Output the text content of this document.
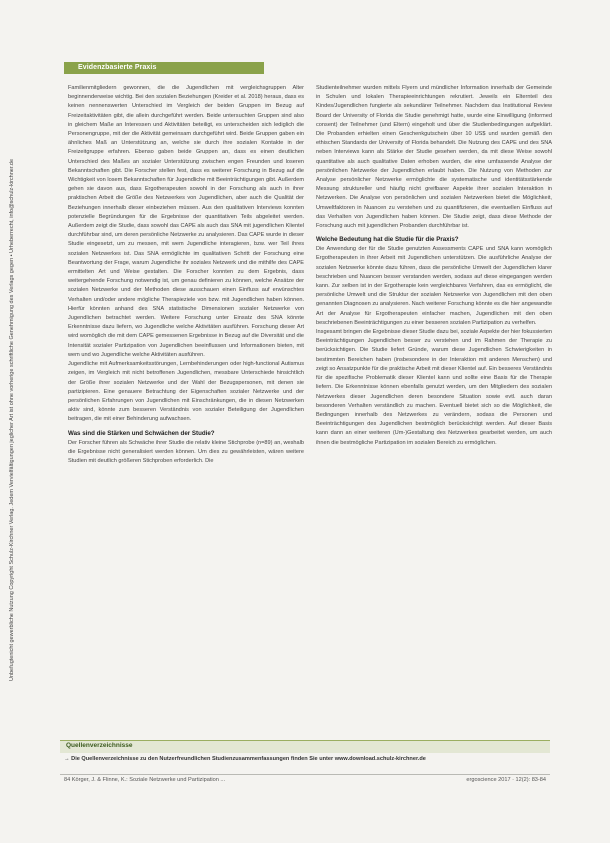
Evidenzbasierte Praxis
Unbefugtenicht gewerbliche Nutzung Copyright Schulz-Kirchner Verlag. Jedem Vervielfältigungen jeglicher Art ist ohne vorherige schriftliche Genehmigung des Verlags gegen • Urheberrecht, info@schulz-kirchner.de

Familienmitgliedern gewonnen, die die Jugendlichen mit vergleichsgruppen Alter beginnenderweise wichtig. Bei den sozialen Beziehungen (Kreider et al. 2018) heraus, dass es keinen nennenswerten Unterschied im Vergleich der beiden Gruppen im Bezug auf Freizeitaktivitäten gibt, die allein durchgeführt werden. Beide untersuchten Gruppen sind also in gleichem Maße an Interessen und Aktivitäten beteiligt, es unterscheiden sich lediglich die Personengruppe, mit der die Aktivität gemeinsam durchgeführt wird. Beide Gruppen gaben ein ähnliches Maß an Unterstützung an, welche sie durch ihre sozialen Kontakte in der Freizeitgruppe erfahren. Ebenso gaben beide Gruppen an, dass es einen deutlichen Unterschied des Maßes an sozialer Unterstützung zwischen engen Freunden und loseren Bekanntschaften gibt. Die Forscher stellen fest, dass es weiterer Forschung in Bezug auf die Wichtigkeit von losem Bekanntschaften für Jugendliche mit Beeinträchtigungen gibt. Außerdem gehen sie davon aus, dass Ergotherapeuten sowohl in der Forschung als auch in ihrer praktischen Arbeit die Größe des Netzwerkes von Jugendlichen, aber auch die Qualität der Beziehungen innerhalb dieser einbeziehen müssen. Aus den qualitativen Interviews konnten potenzielle Begründungen für die Ergebnisse der quantitativen Teils abgeleitet werden. Außerdem zeigt die Studie, dass sowohl das CAPE als auch das SNA mit jugendlichen Klientel durchführbar sind, um deren persönliche Netzwerke zu analysieren. Das CAPE wurde in dieser Studie eingesetzt, um zu messen, mit wem Jugendliche interagieren, bzw. wer Teil ihres sozialen Netzwerkes ist. Das SNA ermöglichte im qualitativen Schritt der Forschung eine Beantwortung der Frage, warum Jugendliche ihr soziales Netzwerk und die mithilfe des CAPE ermittelten Art und Weise gestalten. Die Forscher konnten zu dem Ergebnis, dass weitergehende Forschung notwendig ist, um genau definieren zu können, welche Ansätze der sozialen Netzwerke und der Methoden diese ausschauen einen Einfluss auf erwünschtes Verhalten und/oder andere mögliche Therapieziele von bzw. mit Jugendlichen haben können. Hierfür könnten anhand des SNA statistische Dimensionen sozialer Netzwerke von Jugendlichen betrachtet werden. Weitere Forschung unter Einsatz des SNA könnte Erkenntnisse dazu liefern, wo Jugendliche welche Aktivitäten ausführen. Forschung dieser Art wird womöglich die mit dem CAPE gemessenen Ergebnisse in Bezug auf die Diversität und die Intensität sozialer Partizipation von Jugendlichen beeinflussen und Informationen bieten, mit wem und wo Jugendliche welche Aktivitäten ausführen.

Jugendliche mit Aufmerksamkeitsstörungen, Lernbehinderungen oder high-functional Autismus zeigen, im Vergleich mit nicht betroffenen Jugendlichen, messbare Unterschiede hinsichtlich der Größe ihrer sozialen Netzwerke und der Wahl der Bezugspersonen, mit denen sie partizipieren. Eine genauere Betrachtung der Eigenschaften sozialer Netzwerke und der persönlichen Erfahrungen von Jugendlichen mit Einschränkungen, die in diesen Netzwerken aktiv sind, könnte zum besseren Verständnis von sozialer Beteiligung der Jugendlichen beitragen, die mit einer Behinderung aufwachsen.

Was sind die Stärken und Schwächen der Studie?

Der Forscher führen als Schwäche ihrer Studie die relativ kleine Stichprobe (n=89) an, weshalb die Ergebnisse nicht generalisiert werden können. Um dies zu gewährleisten, wären weitere Studien mit deutlich größeren Stichproben erforderlich. Die

Studienteilnehmer wurden mittels Flyern und mündlicher Information innerhalb der Gemeinde in Schulen und lokalen Therapieeinrichtungen rekrutiert. Jeweils ein Elternteil des Kindes/Jugendlichen fungierte als sekundärer Teilnehmer. Nachdem das Institutional Review Board der University of Florida die Studie genehmigt hatte, wurde eine Einwilligung (informed consent) der Teilnehmer (und Eltern) eingeholt und über die Studienbedingungen aufgeklärt. Die Probanden erhielten einen Geschenkgutschein über 10 US$ und wurden gemäß den ethischen Standards der University of Florida behandelt. Die Nutzung des CAPE und des SNA neben Interviews kann als Stärke der Studie gesehen werden, da mit diese Weise sowohl quantitative als auch qualitative Daten erhoben wurden, die eine umfassende Analyse der persönlichen Netzwerke der Jugendlichen erlaubt haben. Die Nutzung von Methoden zur Analyse persönlicher Netzwerke ermöglichte die systematische und identitätsstärkende Messung struktureller und häufig nicht greifbarer Aspekte ihrer sozialen Interaktion in Netzwerken. Die Analyse von persönlichen und sozialen Netzwerken bietet die Möglichkeit, Umweltfaktoren in Nuancen zu verstehen und zu quantifizieren, die eventuellen Einfluss auf das Verhalten von Jugendlichen haben können. Die Studie zeigt, dass diese Methode der Forschung auch mit jugendlichen Probanden durchführbar ist.

Welche Bedeutung hat die Studie für die Praxis?

Die Anwendung der für die Studie genutzten Assessments CAPE und SNA kann womöglich Ergotherapeuten in ihrer Arbeit mit Jugendlichen unterstützen. Die ausführliche Analyse der sozialen Netzwerke könnte dazu führen, dass die persönliche Umwelt der Jugendlichen klarer beschrieben und Nuancen besser verstanden werden, sodass auf diese eingegangen werden kann. Zur selben ist in der Ergotherapie kein vergleichbares Verfahren, das es ermöglicht, die persönliche Umwelt und die Struktur der sozialen Netzwerke von Jugendlichen mit den oben genannten Diagnosen zu analysieren. Nach weiterer Forschung könnte es die hier angewandte Art der Analyse für Ergotherapeuten einfacher machen, Jugendlichen mit den oben beschriebenen Beeinträchtigungen zu einer besseren sozialen Partizipation zu verhelfen.

Insgesamt bringen die Ergebnisse dieser Studie dazu bei, soziale Aspekte der hier fokussierten Beeinträchtigungen Jugendlichen besser zu verstehen und im Rahmen der Therapie zu berücksichtigen. Die Studie liefert Gründe, warum diese Jugendlichen Schwierigkeiten in bestimmten Bereichen haben (insbesondere in der Interaktion mit anderen Menschen) und zeigt so Ansatzpunkte für die praktische Arbeit mit dieser Klientel auf. Ein besseres Verständnis für die spezifische Problematik dieser Klientel kann und sollte eine Basis für die Therapie liefern. Die Erkenntnisse können ebenfalls genutzt werden, um den Mitgliedern des sozialen Netzwerkes dieser Jugendlichen deren besondere Situation sowie evtl. auch daran besonderen Verhalten verständlich zu machen. Eventuell bietet sich so die Möglichkeit, die Bedingungen innerhalb des Netzwerkes zu verändern, sodass die Personen und Beeinträchtigungen des Jugendlichen bestmöglich berücksichtigt werden. Auf dieser Basis kann dann an einer weiteren (Um-)Gestaltung des Netzwerkes gearbeitet werden, um auch ihnen die bestmögliche Partizipation im sozialen Bereich zu ermöglichen.

Quellenverzeichnisse
→ Die Quellenverzeichnisse zu den Nutzerfreundlichen Studienzusammenfassungen finden Sie unter www.download.schulz-kirchner.de
84 Körger, J. & Flinne, K.: Soziale Netzwerke und Partizipation ...	ergoscience 2017 · 12(2): 83-84
